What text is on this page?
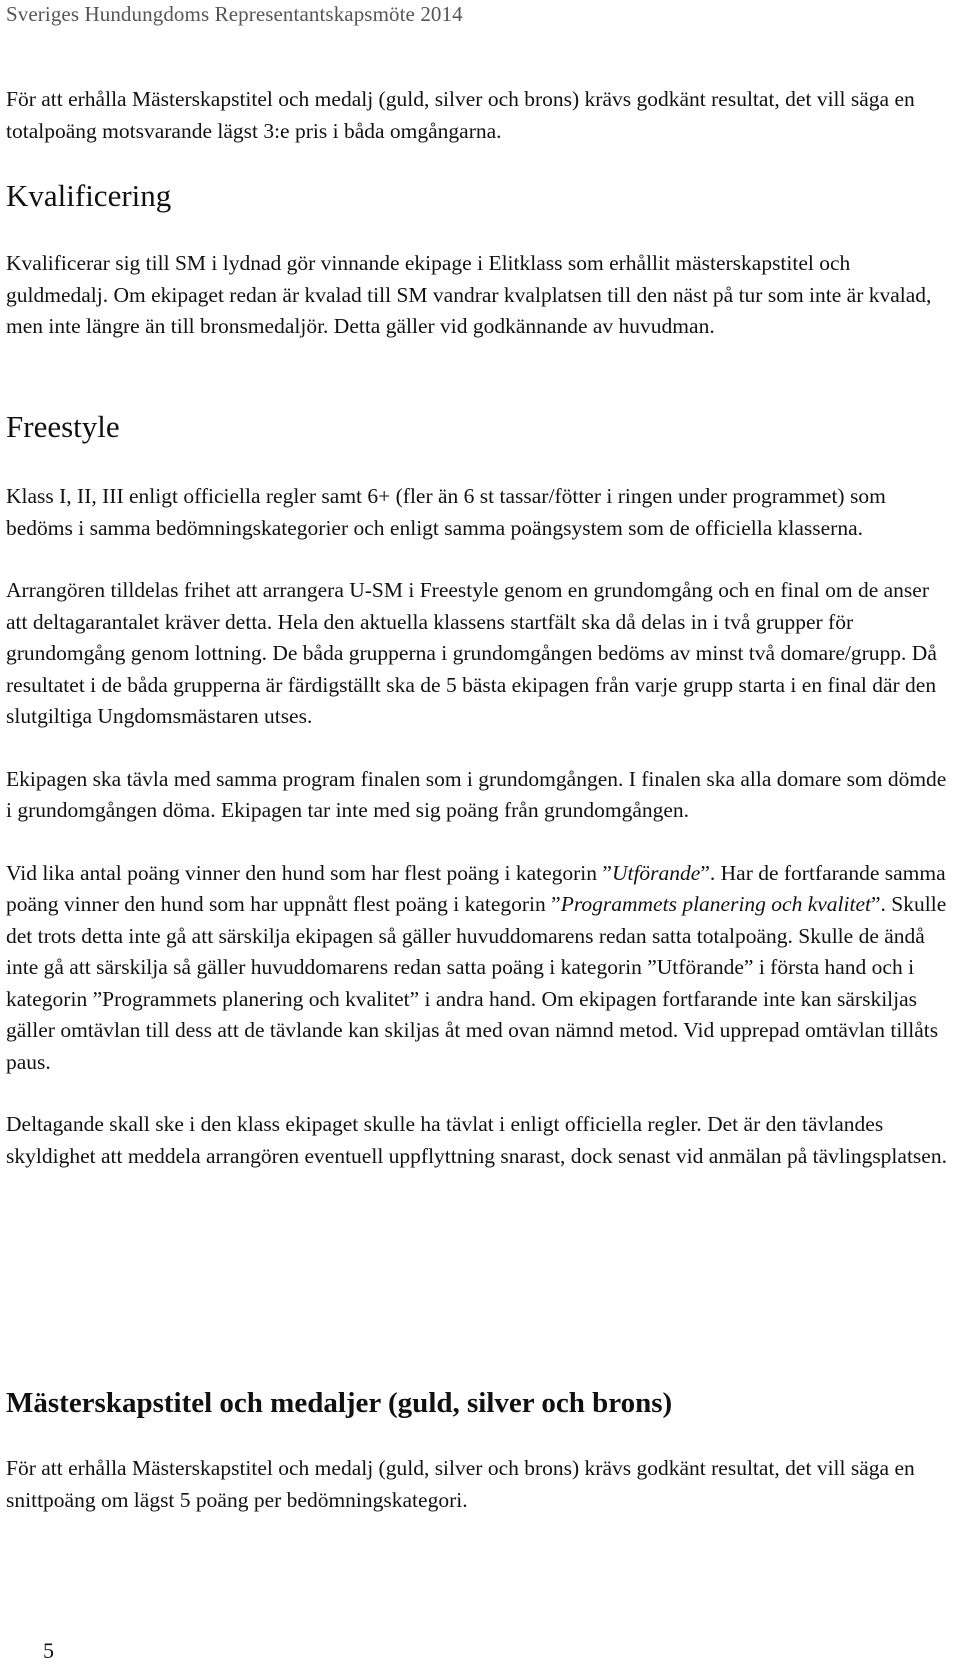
Sveriges Hundungdoms Representantskapsmöte 2014

För att erhålla Mästerskapstitel och medalj (guld, silver och brons) krävs godkänt resultat, det vill säga en totalpoäng motsvarande lägst 3:e pris i båda omgångarna.

Kvalificering

Kvalificerar sig till SM i lydnad gör vinnande ekipage i Elitklass som erhållit mästerskapstitel och guldmedalj. Om ekipaget redan är kvalad till SM vandrar kvalplatsen till den näst på tur som inte är kvalad, men inte längre än till bronsmedaljör. Detta gäller vid godkännande av huvudman.

Freestyle

Klass I, II, III enligt officiella regler samt 6+ (fler än 6 st tassar/fötter i ringen under programmet) som bedöms i samma bedömningskategorier och enligt samma poängsystem som de officiella klasserna.

Arrangören tilldelas frihet att arrangera U-SM i Freestyle genom en grundomgång och en final om de anser att deltagarantalet kräver detta. Hela den aktuella klassens startfält ska då delas in i två grupper för grundomgång genom lottning. De båda grupperna i grundomgången bedöms av minst två domare/grupp. Då resultatet i de båda grupperna är färdigställt ska de 5 bästa ekipagen från varje grupp starta i en final där den slutgiltiga Ungdomsmästaren utses.

Ekipagen ska tävla med samma program finalen som i grundomgången. I finalen ska alla domare som dömde i grundomgången döma. Ekipagen tar inte med sig poäng från grundomgången.

Vid lika antal poäng vinner den hund som har flest poäng i kategorin ”Utförande”. Har de fortfarande samma poäng vinner den hund som har uppnått flest poäng i kategorin ”Programmets planering och kvalitet”. Skulle det trots detta inte gå att särskilja ekipagen så gäller huvuddomarens redan satta totalpoäng. Skulle de ändå inte gå att särskilja så gäller huvuddomarens redan satta poäng i kategorin ”Utförande” i första hand och i kategorin ”Programmets planering och kvalitet” i andra hand. Om ekipagen fortfarande inte kan särskiljas gäller omtävlan till dess att de tävlande kan skiljas åt med ovan nämnd metod. Vid upprepad omtävlan tillåts paus.

Deltagande skall ske i den klass ekipaget skulle ha tävlat i enligt officiella regler. Det är den tävlandes skyldighet att meddela arrangören eventuell uppflyttning snarast, dock senast vid anmälan på tävlingsplatsen.

Mästerskapstitel och medaljer (guld, silver och brons)

För att erhålla Mästerskapstitel och medalj (guld, silver och brons) krävs godkänt resultat, det vill säga en snittpoäng om lägst 5 poäng per bedömningskategori.

5
